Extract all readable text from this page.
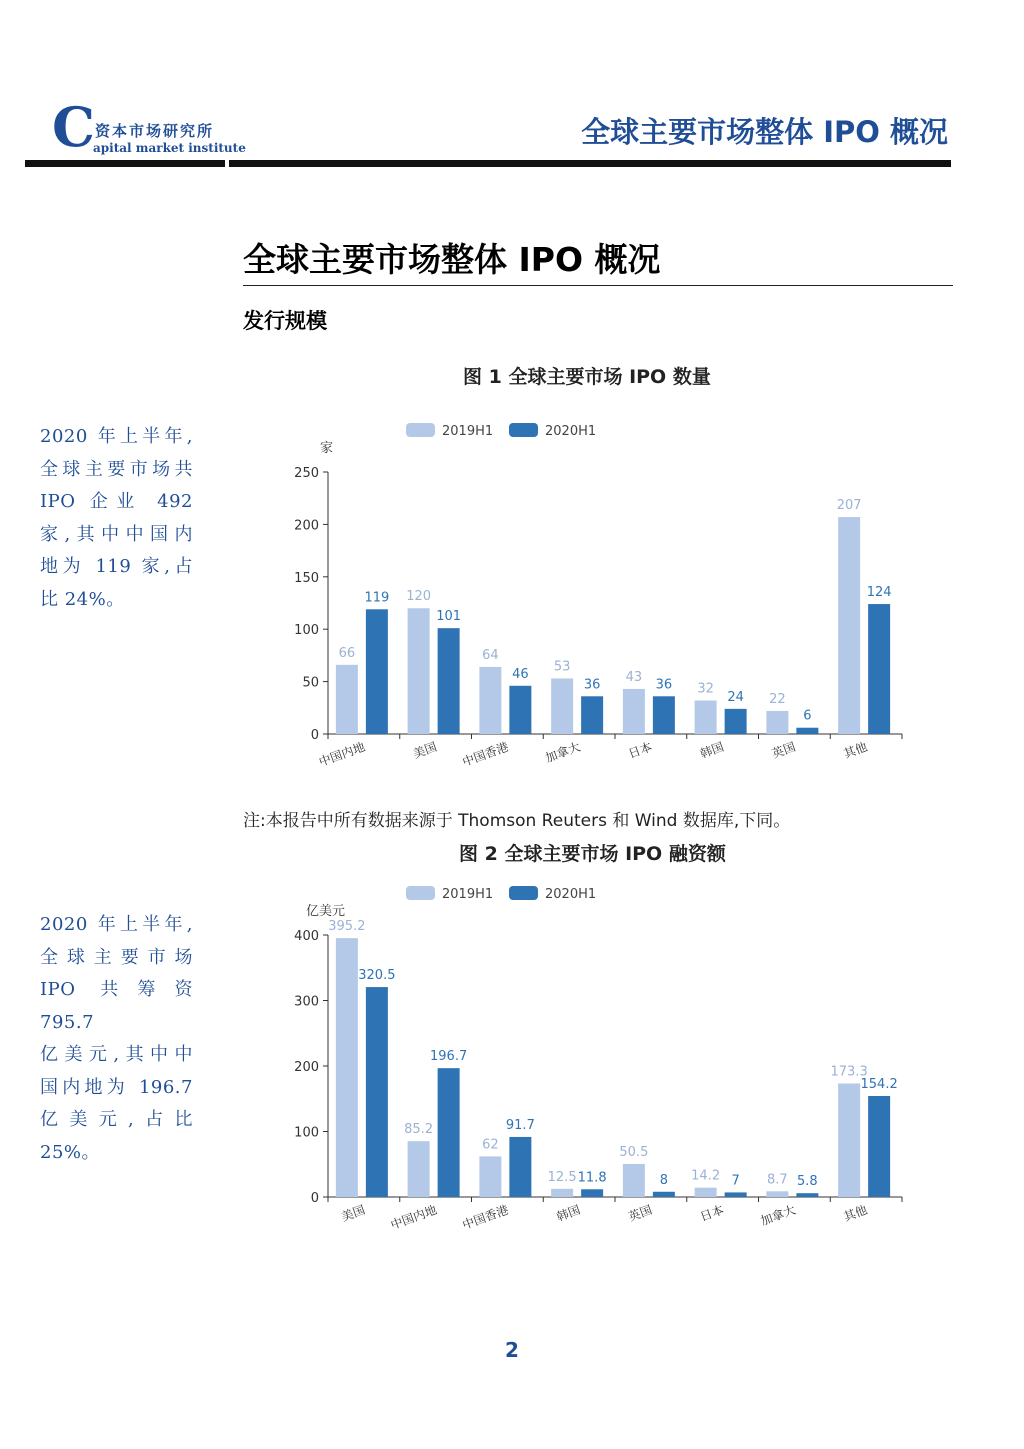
C 资本市场研究所
apital market institute	全球主要市场整体 IPO 概况
全球主要市场整体 IPO 概况
发行规模
2020 年上半年,
全球主要市场共
IPO 企业 492
家,其中中国内
地为 119 家,占
比 24%。
2020 年上半年,
全球主要市场
IPO 共筹资 795.7
亿美元,其中中
国内地为 196.7
亿美元,占比
25%。
图 1 全球主要市场 IPO 数量
注:本报告中所有数据来源于 Thomson Reuters 和 Wind 数据库,下同。
图 2 全球主要市场 IPO 融资额
2019H1	2020H1
家
0
50
100
150
200
250
中国内地
66
119
美国
120
101
中国香港
64
46
加拿大
53
36
日本
43 36
韩国
32
24
英国
22
6
其他
207
124
2019H1	2020H1
亿美元
0
100
200
300
400
美国
395.2
320.5
中国内地
85.2
196.7
中国香港
62
91.7
韩国
12.5 11.8
英国
50.5
8
日本
14.2 7
加拿大
8.7 5.8
其他
173.3
154.2
2
